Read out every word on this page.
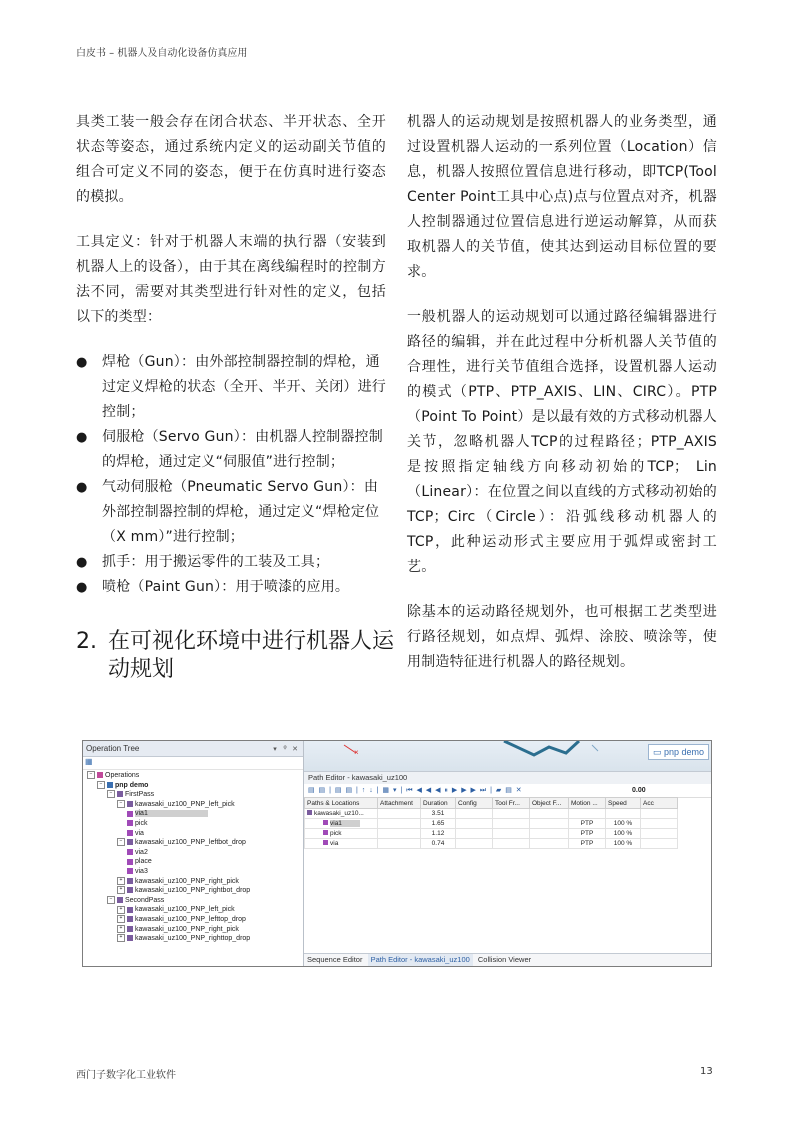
白皮书 – 机器人及自动化设备仿真应用

具类工装一般会存在闭合状态、半开状态、全开状态等姿态，通过系统内定义的运动副关节值的组合可定义不同的姿态，便于在仿真时进行姿态的模拟。

工具定义：针对于机器人末端的执行器（安装到机器人上的设备），由于其在离线编程时的控制方法不同，需要对其类型进行针对性的定义，包括以下的类型：

●	焊枪（Gun）：由外部控制器控制的焊枪，通过定义焊枪的状态（全开、半开、关闭）进行控制；
●	伺服枪（Servo Gun）：由机器人控制器控制的焊枪，通过定义“伺服值”进行控制；
●	气动伺服枪（Pneumatic Servo Gun）：由外部控制器控制的焊枪，通过定义“焊枪定位（X mm）”进行控制；
●	抓手：用于搬运零件的工装及工具；
●	喷枪（Paint Gun）：用于喷漆的应用。
2. 在可视化环境中进行机器人运动规划

机器人的运动规划是按照机器人的业务类型，通过设置机器人运动的一系列位置（Location）信息，机器人按照位置信息进行移动，即TCP(Tool Center Point工具中心点)点与位置点对齐，机器人控制器通过位置信息进行逆运动解算，从而获取机器人的关节值，使其达到运动目标位置的要求。

一般机器人的运动规划可以通过路径编辑器进行路径的编辑，并在此过程中分析机器人关节值的合理性，进行关节值组合选择，设置机器人运动的模式（PTP、PTP_AXIS、LIN、CIRC）。PTP（Point To Point）是以最有效的方式移动机器人关节，忽略机器人TCP的过程路径；PTP_AXIS 是按照指定轴线方向移动初始的TCP； Lin（Linear）：在位置之间以直线的方式移动初始的TCP；Circ（Circle）：沿弧线移动机器人的TCP，此种运动形式主要应用于弧焊或密封工艺。

除基本的运动路径规划外，也可根据工艺类型进行路径规划，如点焊、弧焊、涂胶、喷涂等，使用制造特征进行机器人的路径规划。

Operation Tree	▾ ᵠ ✕
▦
− Operations
− pnp demo
− FirstPass
− kawasaki_uz100_PNP_left_pick
via1
pick
via
− kawasaki_uz100_PNP_leftbot_drop
via2
place
via3
+ kawasaki_uz100_PNP_right_pick
+ kawasaki_uz100_PNP_rightbot_drop
− SecondPass
+ kawasaki_uz100_PNP_left_pick
+ kawasaki_uz100_PNP_lefttop_drop
+ kawasaki_uz100_PNP_right_pick
+ kawasaki_uz100_PNP_righttop_drop
×	▭ pnp demo
Path Editor - kawasaki_uz100
▤ ▤ | ▤ ▤ | ↑ ↓ | ▦ ▾ | ⏮ ◀ ◀ ◀ ⏸ ▶ ▶ ▶ ⏭ | ▰ ▤ ✕	0.00
Paths & Locations	Attachment	Duration	Config	Tool Fr...	Object F...	Motion ...	Speed	Acc
kawasaki_uz10...		3.51						
via1		1.65				PTP	100 %	
pick		1.12				PTP	100 %	
via		0.74				PTP	100 %	
Sequence Editor Path Editor - kawasaki_uz100 Collision Viewer
西门子数字化工业软件	13
